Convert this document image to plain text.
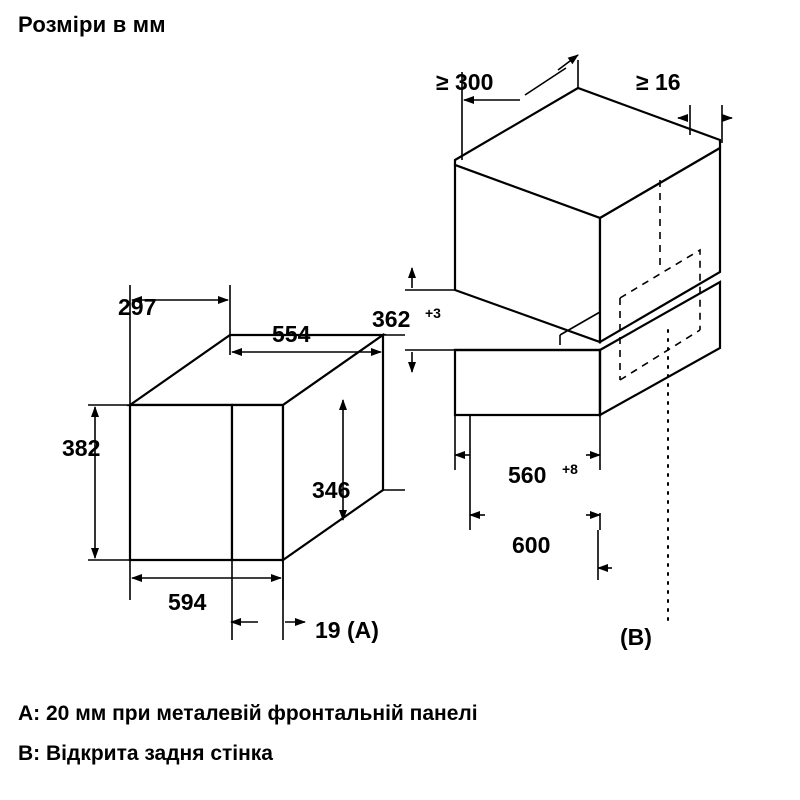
Розміри в мм
297
554
382
346
594
19 (A)
≥ 300	≥ 16
362 +3
560 +8
600
(B)
A: 20 мм при металевій фронтальній панелі
B: Відкрита задня стінка
